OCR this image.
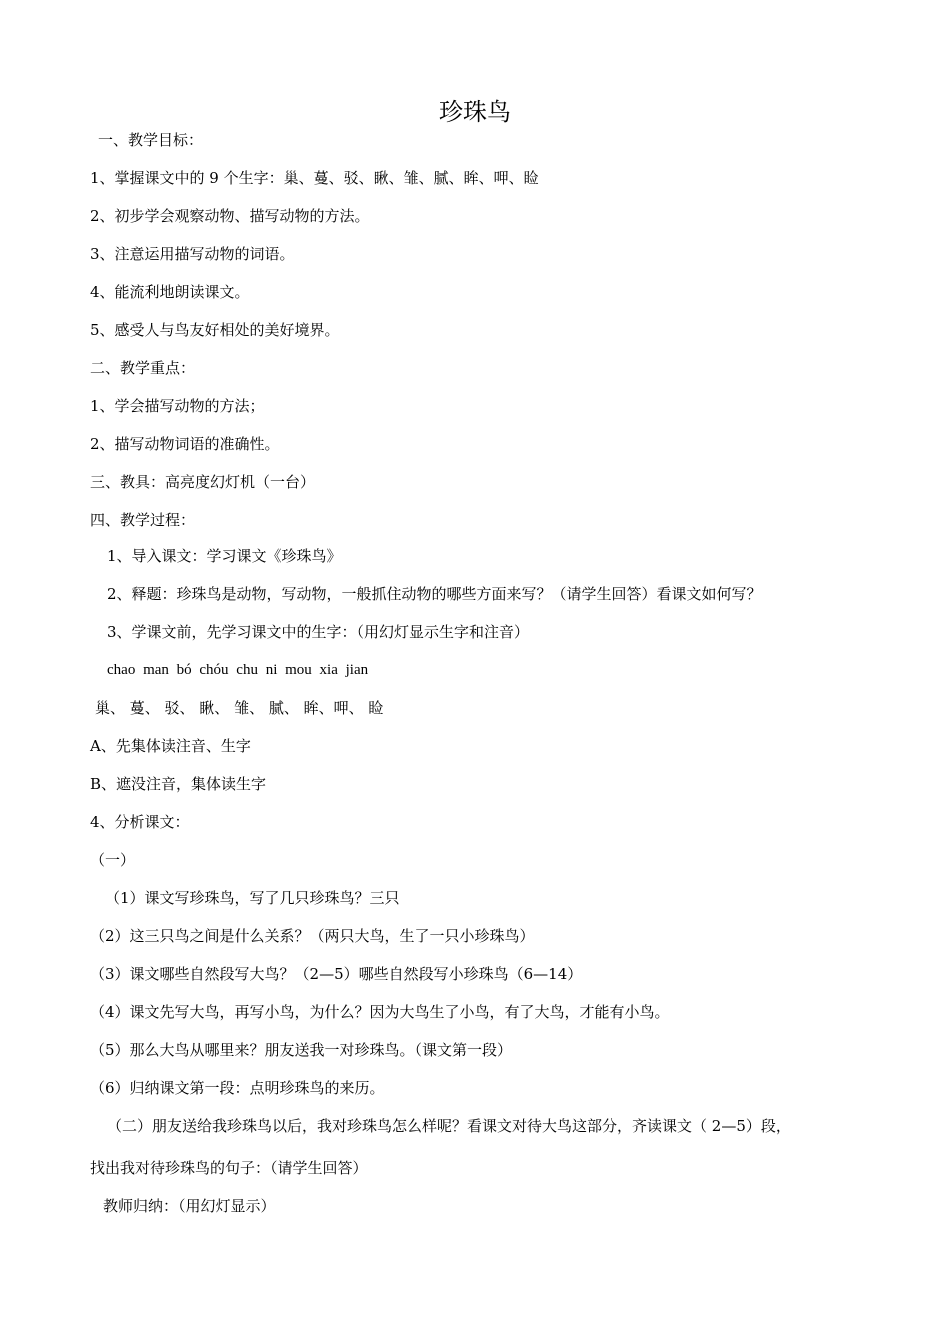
珍珠鸟
一、教学目标：
1、掌握课文中的 9 个生字：巢、蔓、驳、瞅、雏、腻、眸、呷、睑
2、初步学会观察动物、描写动物的方法。
3、注意运用描写动物的词语。
4、能流利地朗读课文。
5、感受人与鸟友好相处的美好境界。
二、教学重点：
1、学会描写动物的方法；
2、描写动物词语的准确性。
三、教具：高亮度幻灯机（一台）
四、教学过程：
1、导入课文：学习课文《珍珠鸟》
2、释题：珍珠鸟是动物，写动物，一般抓住动物的哪些方面来写？（请学生回答）看课文如何写？
3、学课文前，先学习课文中的生字：（用幻灯显示生字和注音）
chao man bó chóu chu ni mou xia jian
巢、 蔓、 驳、 瞅、 雏、 腻、 眸、呷、 睑
A、先集体读注音、生字
B、遮没注音，集体读生字
4、分析课文：
（一）
（1）课文写珍珠鸟，写了几只珍珠鸟？三只
（2）这三只鸟之间是什么关系？（两只大鸟，生了一只小珍珠鸟）
（3）课文哪些自然段写大鸟？（2—5）哪些自然段写小珍珠鸟（6—14）
（4）课文先写大鸟，再写小鸟，为什么？因为大鸟生了小鸟，有了大鸟，才能有小鸟。
（5）那么大鸟从哪里来？朋友送我一对珍珠鸟。（课文第一段）
（6）归纳课文第一段：点明珍珠鸟的来历。
（二）朋友送给我珍珠鸟以后，我对珍珠鸟怎么样呢？看课文对待大鸟这部分，齐读课文（ 2—5）段，
找出我对待珍珠鸟的句子：（请学生回答）
教师归纳：（用幻灯显示）
